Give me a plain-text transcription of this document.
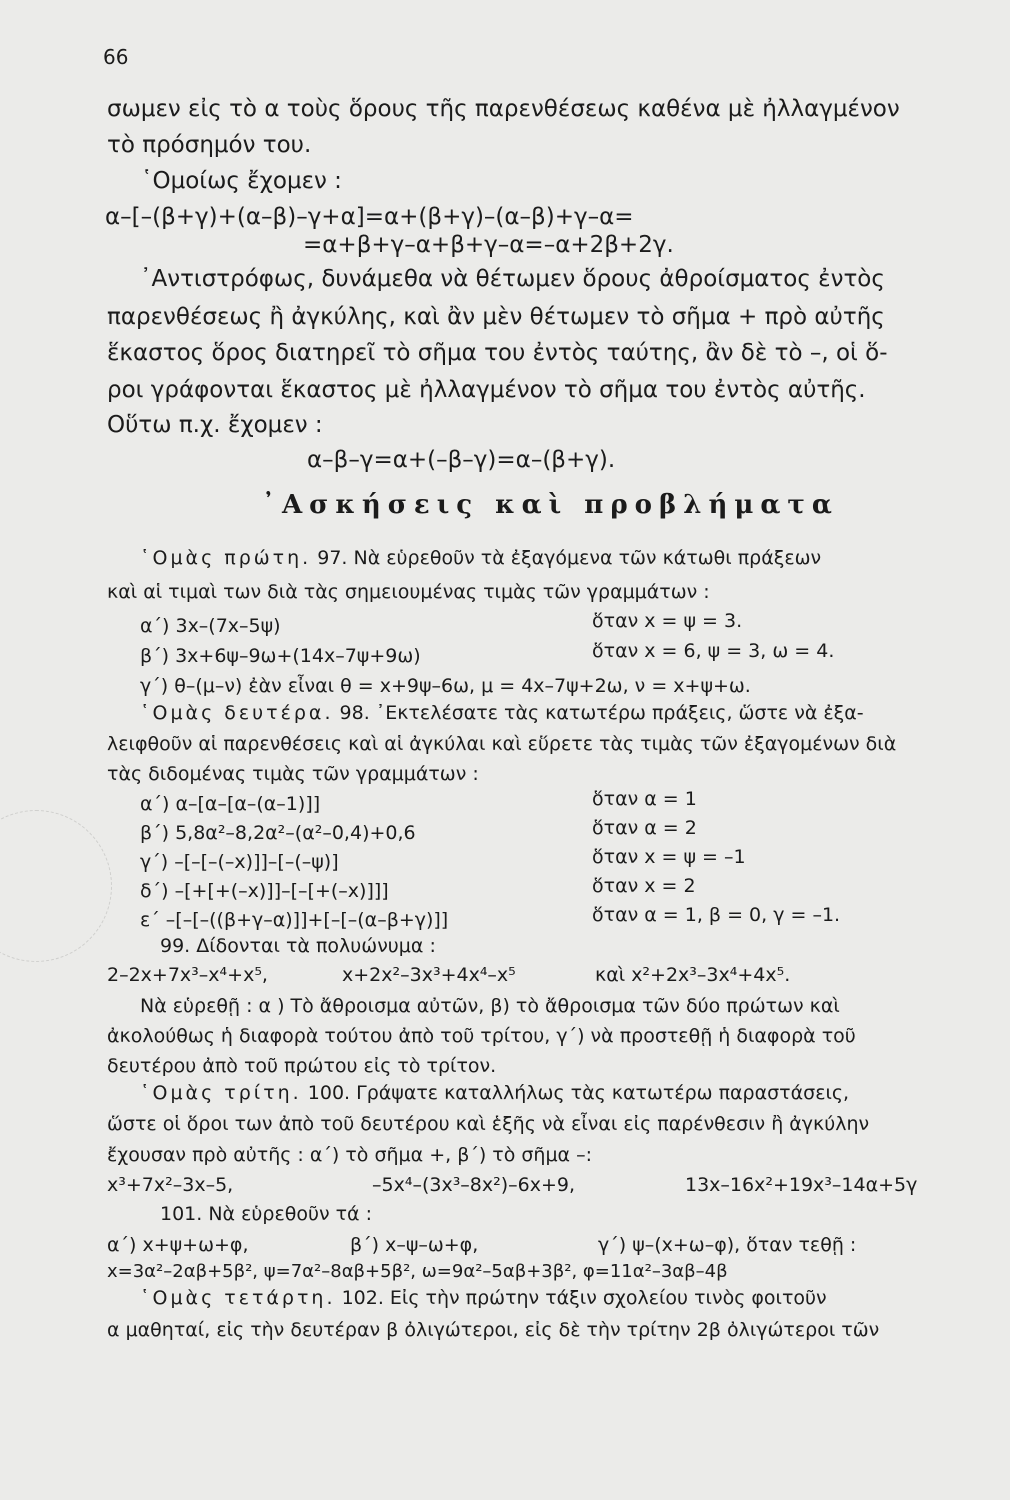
66
σωμεν εἰς τὸ α τοὺς ὅρους τῆς παρενθέσεως καθένα μὲ ἠλλαγμένον
τὸ πρόσημόν του.
῾Ομοίως ἔχομεν :
α–[–(β+γ)+(α–β)–γ+α]=α+(β+γ)–(α–β)+γ–α=
=α+β+γ–α+β+γ–α=–α+2β+2γ.
᾿Αντιστρόφως, δυνάμεθα νὰ θέτωμεν ὅρους ἀθροίσματος ἐντὸς
παρενθέσεως ἢ ἀγκύλης, καὶ ἂν μὲν θέτωμεν τὸ σῆμα + πρὸ αὐτῆς
ἕκαστος ὅρος διατηρεῖ τὸ σῆμα του ἐντὸς ταύτης, ἂν δὲ τὸ –, οἱ ὅ-
ροι γράφονται ἕκαστος μὲ ἠλλαγμένον τὸ σῆμα του ἐντὸς αὐτῆς.
Οὕτω π.χ. ἔχομεν :
α–β–γ=α+(–β–γ)=α–(β+γ).
᾿Ασκήσεις καὶ προβλήματα
῾Ομὰς πρώτη. 97. Νὰ εὑρεθοῦν τὰ ἐξαγόμενα τῶν κάτωθι πράξεων
καὶ αἱ τιμαὶ των διὰ τὰς σημειουμένας τιμὰς τῶν γραμμάτων :
α΄) 3x–(7x–5ψ)	ὅταν x = ψ = 3.
β΄) 3x+6ψ–9ω+(14x–7ψ+9ω)	ὅταν x = 6, ψ = 3, ω = 4.
γ΄) θ–(μ–ν) ἐὰν εἶναι θ = x+9ψ–6ω, μ = 4x–7ψ+2ω, ν = x+ψ+ω.
῾Ομὰς δευτέρα. 98. ᾿Εκτελέσατε τὰς κατωτέρω πράξεις, ὥστε νὰ ἐξα-
λειφθοῦν αἱ παρενθέσεις καὶ αἱ ἀγκύλαι καὶ εὕρετε τὰς τιμὰς τῶν ἐξαγομένων διὰ
τὰς διδομένας τιμὰς τῶν γραμμάτων :
α΄) α–[α–[α–(α–1)]]	ὅταν α = 1
β΄) 5,8α²–8,2α²–(α²–0,4)+0,6	ὅταν α = 2
γ΄) –[–[–(–x)]]–[–(–ψ)]	ὅταν x = ψ = –1
δ΄) –[+[+(–x)]]–[–[+(–x)]]]	ὅταν x = 2
ε΄ –[–[–((β+γ–α)]]+[–[–(α–β+γ)]]	ὅταν α = 1, β = 0, γ = –1.
99. Δίδονται τὰ πολυώνυμα :
2–2x+7x³–x⁴+x⁵,	x+2x²–3x³+4x⁴–x⁵	καὶ x²+2x³–3x⁴+4x⁵.
Νὰ εὑρεθῇ : α ) Τὸ ἄθροισμα αὐτῶν, β) τὸ ἄθροισμα τῶν δύο πρώτων καὶ
ἀκολούθως ἡ διαφορὰ τούτου ἀπὸ τοῦ τρίτου, γ΄) νὰ προστεθῇ ἡ διαφορὰ τοῦ
δευτέρου ἀπὸ τοῦ πρώτου εἰς τὸ τρίτον.
῾Ομὰς τρίτη. 100. Γράψατε καταλλήλως τὰς κατωτέρω παραστάσεις,
ὥστε οἱ ὅροι των ἀπὸ τοῦ δευτέρου καὶ ἑξῆς νὰ εἶναι εἰς παρένθεσιν ἢ ἀγκύλην
ἔχουσαν πρὸ αὐτῆς : α΄) τὸ σῆμα +, β΄) τὸ σῆμα –:
x³+7x²–3x–5,	–5x⁴–(3x³–8x²)–6x+9,	13x–16x²+19x³–14α+5γ
101. Νὰ εὑρεθοῦν τά :
α΄) x+ψ+ω+φ,	β΄) x–ψ–ω+φ,	γ΄) ψ–(x+ω–φ), ὅταν τεθῇ :
x=3α²–2αβ+5β², ψ=7α²–8αβ+5β², ω=9α²–5αβ+3β², φ=11α²–3αβ–4β
῾Ομὰς τετάρτη. 102. Εἰς τὴν πρώτην τάξιν σχολείου τινὸς φοιτοῦν
α μαθηταί, εἰς τὴν δευτέραν β ὀλιγώτεροι, εἰς δὲ τὴν τρίτην 2β ὀλιγώτεροι τῶν
